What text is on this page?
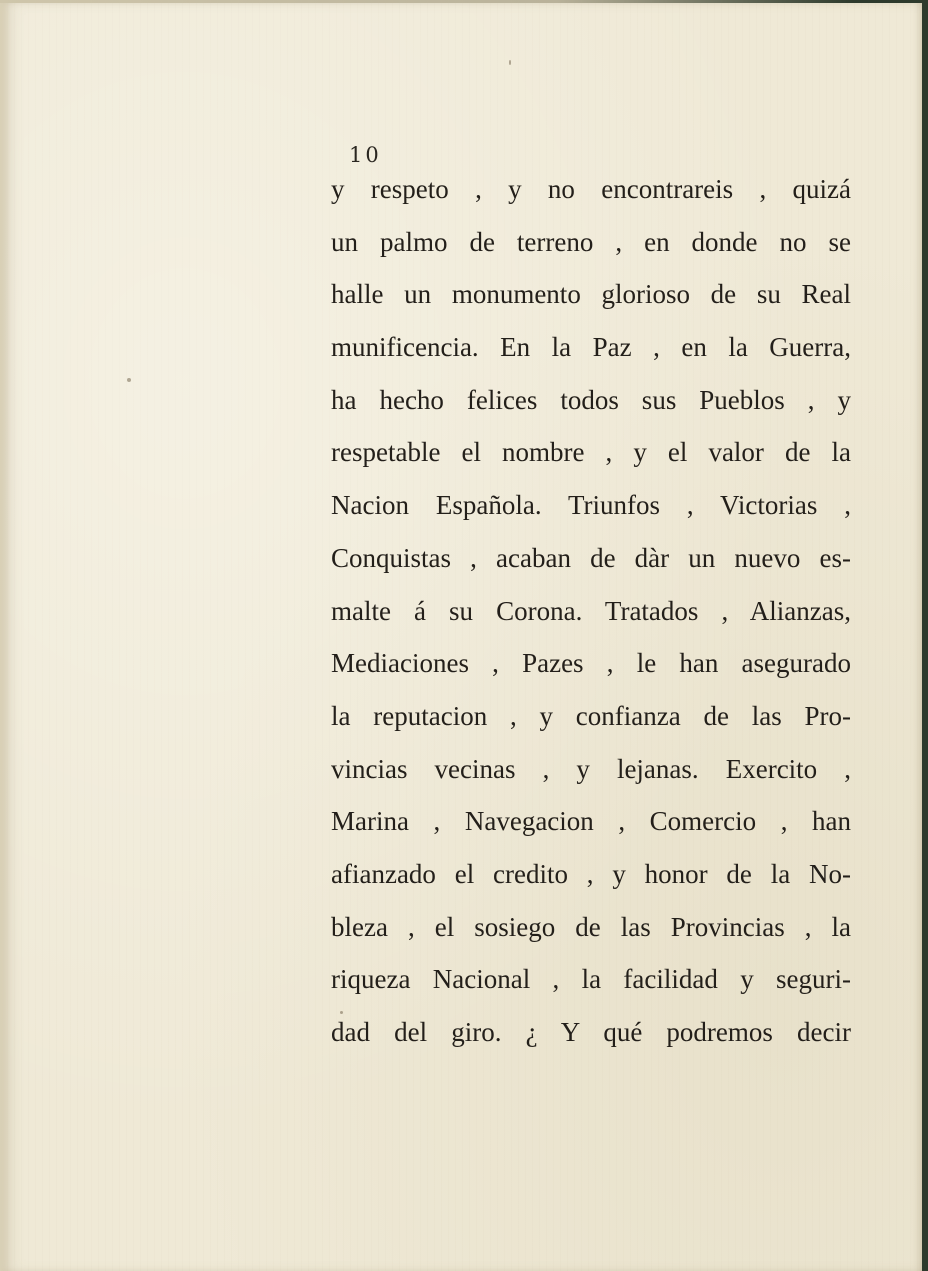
10
y respeto , y no encontrareis , quizá
un palmo de terreno , en donde no se
halle un monumento glorioso de su Real
munificencia. En la Paz , en la Guerra,
ha hecho felices todos sus Pueblos , y
respetable el nombre , y el valor de la
Nacion Española. Triunfos , Victorias ,
Conquistas , acaban de dàr un nuevo es-
malte á su Corona. Tratados , Alianzas,
Mediaciones , Pazes , le han asegurado
la reputacion , y confianza de las Pro-
vincias vecinas , y lejanas. Exercito ,
Marina , Navegacion , Comercio , han
afianzado el credito , y honor de la No-
bleza , el sosiego de las Provincias , la
riqueza Nacional , la facilidad y seguri-
dad del giro. ¿ Y qué podremos decir
